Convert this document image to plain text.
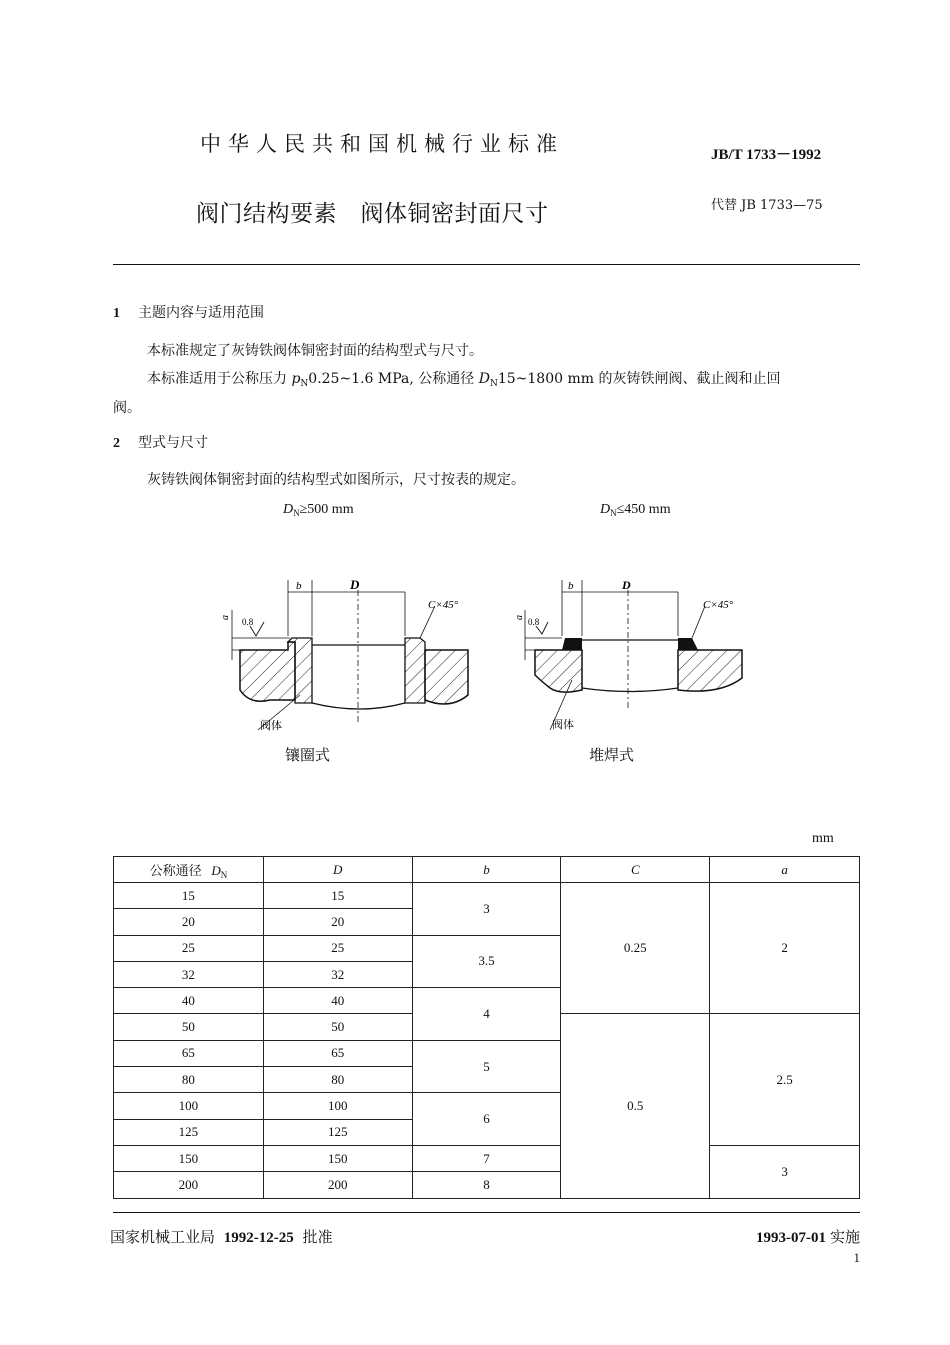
中华人民共和国机械行业标准	JB/T 1733－1992
阀门结构要素　阀体铜密封面尺寸	代替 JB 1733—75
1 主题内容与适用范围
本标准规定了灰铸铁阀体铜密封面的结构型式与尺寸。
本标准适用于公称压力 $p_N0.25\sim 1.6$ MPa, 公称通径 $D_N15\sim 1800$ mm 的灰铸铁闸阀、截止阀和止回
阀。
2 型式与尺寸
灰铸铁阀体铜密封面的结构型式如图所示，尺寸按表的规定。
$D_N\ge 500$ mm	$D_N\le 450$ mm
b	D
C×45°
a 0.8
阀体
b	D
C×45°
a 0.8
阀体
镶圈式	堆焊式
mm
公称通径 $D_N$	D	b	C	a
15	15	3	0.25	2
20	20			
25	25	3.5		
32	32			
40	40	4		
50	50		0.5	2.5
65	65	5		
80	80			
100	100	6		
125	125			
150	150	7		3
200	200	8		
国家机械工业局 1992-12-25 批准	1993-07-01 实施
1
